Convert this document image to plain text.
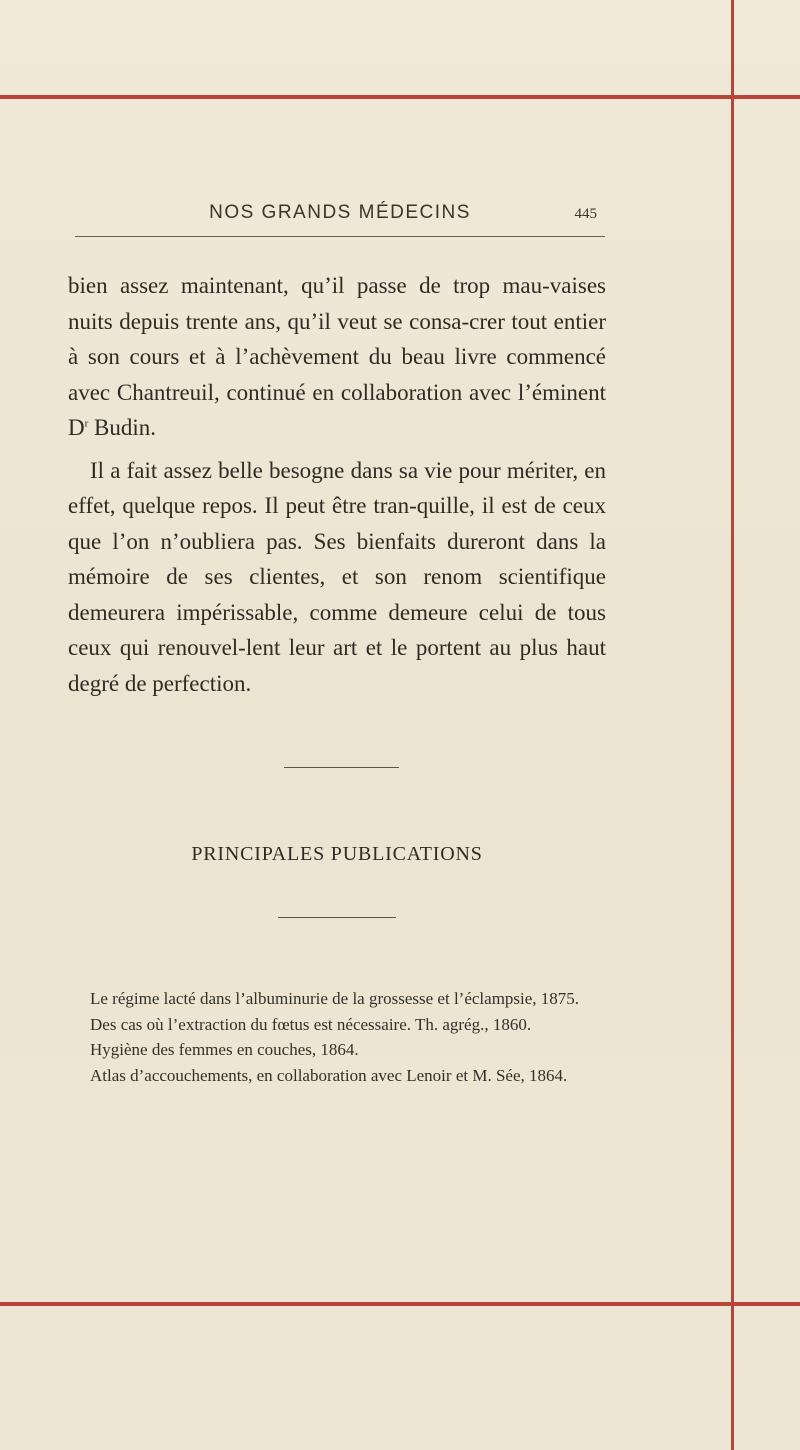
NOS GRANDS MÉDECINS	445

bien assez maintenant, qu’il passe de trop mau-vaises nuits depuis trente ans, qu’il veut se consa-crer tout entier à son cours et à l’achèvement du beau livre commencé avec Chantreuil, continué en collaboration avec l’éminent $D^r$ Budin.

Il a fait assez belle besogne dans sa vie pour mériter, en effet, quelque repos. Il peut être tran-quille, il est de ceux que l’on n’oubliera pas. Ses bienfaits dureront dans la mémoire de ses clientes, et son renom scientifique demeurera impérissable, comme demeure celui de tous ceux qui renouvel-lent leur art et le portent au plus haut degré de perfection.

PRINCIPALES PUBLICATIONS

Le régime lacté dans l’albuminurie de la grossesse et l’éclampsie, 1875.

Des cas où l’extraction du fœtus est nécessaire. Th. agrég., 1860.

Hygiène des femmes en couches, 1864.

Atlas d’accouchements, en collaboration avec Lenoir et M. Sée, 1864.
